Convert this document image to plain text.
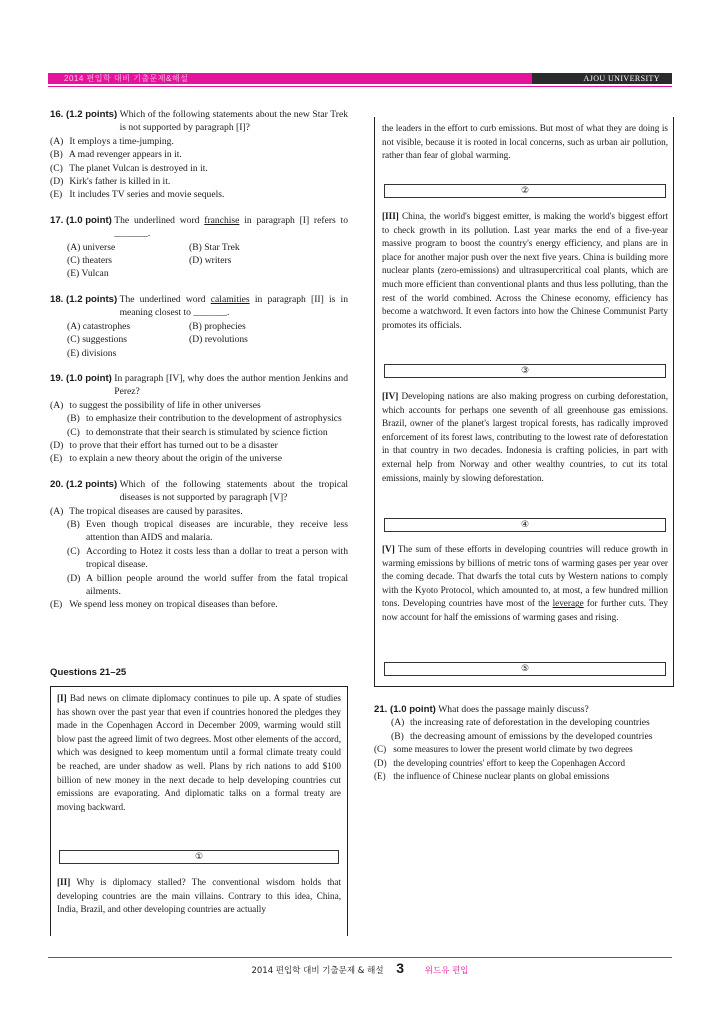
2014 편입학 대비 기출문제&해설	AJOU UNIVERSITY
16. (1.2 points)
Which of the following statements about the new Star Trek is not supported by paragraph [I]?
(A) It employs a time-jumping.
(B) A mad revenger appears in it.
(C) The planet Vulcan is destroyed in it.
(D) Kirk's father is killed in it.
(E) It includes TV series and movie sequels.
17. (1.0 point)
The underlined word franchise in paragraph [I] refers to _______.
(A) universe	(B) Star Trek
(C) theaters	(D) writers
(E) Vulcan
18. (1.2 points)
The underlined word calamities in paragraph [II] is in meaning closest to _______.
(A) catastrophes	(B) prophecies
(C) suggestions	(D) revolutions
(E) divisions
19. (1.0 point)
In paragraph [IV], why does the author mention Jenkins and Perez?
(A) to suggest the possibility of life in other universes
(B) to emphasize their contribution to the development of astrophysics
(C) to demonstrate that their search is stimulated by science fiction
(D) to prove that their effort has turned out to be a disaster
(E) to explain a new theory about the origin of the universe
20. (1.2 points)
Which of the following statements about the tropical diseases is not supported by paragraph [V]?
(A) The tropical diseases are caused by parasites.
(B) Even though tropical diseases are incurable, they receive less attention than AIDS and malaria.
(C) According to Hotez it costs less than a dollar to treat a person with tropical disease.
(D) A billion people around the world suffer from the fatal tropical ailments.
(E) We spend less money on tropical diseases than before.
Questions 21–25
[I] Bad news on climate diplomacy continues to pile up. A spate of studies has shown over the past year that even if countries honored the pledges they made in the Copenhagen Accord in December 2009, warming would still blow past the agreed limit of two degrees. Most other elements of the accord, which was designed to keep momentum until a formal climate treaty could be reached, are under shadow as well. Plans by rich nations to add $100 billion of new money in the next decade to help developing countries cut emissions are evaporating. And diplomatic talks on a formal treaty are moving backward.
①
[II] Why is diplomacy stalled? The conventional wisdom holds that developing countries are the main villains. Contrary to this idea, China, India, Brazil, and other developing countries are actually
the leaders in the effort to curb emissions. But most of what they are doing is not visible, because it is rooted in local concerns, such as urban air pollution, rather than fear of global warming.
②
[III] China, the world's biggest emitter, is making the world's biggest effort to check growth in its pollution. Last year marks the end of a five-year massive program to boost the country's energy efficiency, and plans are in place for another major push over the next five years. China is building more nuclear plants (zero-emissions) and ultrasupercritical coal plants, which are much more efficient than conventional plants and thus less polluting, than the rest of the world combined. Across the Chinese economy, efficiency has become a watchword. It even factors into how the Chinese Communist Party promotes its officials.
③
[IV] Developing nations are also making progress on curbing deforestation, which accounts for perhaps one seventh of all greenhouse gas emissions. Brazil, owner of the planet's largest tropical forests, has radically improved enforcement of its forest laws, contributing to the lowest rate of deforestation in that country in two decades. Indonesia is crafting policies, in part with external help from Norway and other wealthy countries, to cut its total emissions, mainly by slowing deforestation.
④
[V] The sum of these efforts in developing countries will reduce growth in warming emissions by billions of metric tons of warming gases per year over the coming decade. That dwarfs the total cuts by Western nations to comply with the Kyoto Protocol, which amounted to, at most, a few hundred million tons. Developing countries have most of the leverage for further cuts. They now account for half the emissions of warming gases and rising.
⑤
21. (1.0 point)
What does the passage mainly discuss?
(A) the increasing rate of deforestation in the developing countries
(B) the decreasing amount of emissions by the developed countries
(C) some measures to lower the present world climate by two degrees
(D) the developing countries' effort to keep the Copenhagen Accord
(E) the influence of Chinese nuclear plants on global emissions
2014 편입학 대비 기출문제 & 해설 3 위드유 편입
